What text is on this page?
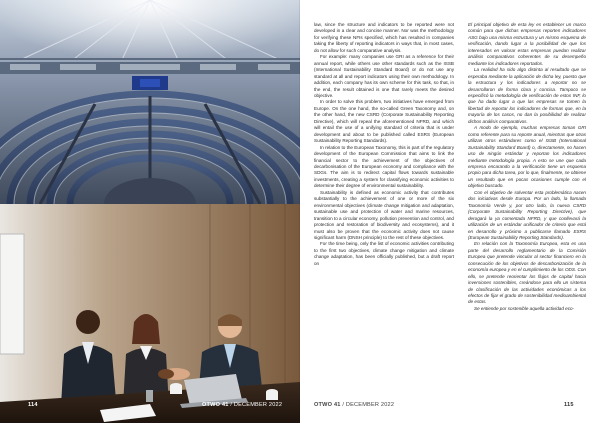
114	OTWO 41 / DECEMBER 2022

law, since the structure and indicators to be reported were not developed in a clear and concise manner. Nor was the methodology for verifying these NFIs specified, which has resulted in companies taking the liberty of reporting indicators in ways that, in most cases, do not allow for such comparative analysis.

For example: many companies use GRI as a reference for their annual report, while others use other standards such as the ISSB (International Sustainability Standard Board) or do not use any standard at all and report indicators using their own methodology. In addition, each company has its own scheme for this task, so that, in the end, the result obtained is one that rarely meets the desired objective.

In order to solve this problem, two initiatives have emerged from Europe. On the one hand, the so-called Green Taxonomy and, on the other hand, the new CSRD (Corporate Sustainability Reporting Directive), which will repeal the aforementioned NFRD, and which will entail the use of a unifying standard of criteria that is under development and about to be published called ESRS (European Sustainability Reporting Standards).

In relation to the European Taxonomy, this is part of the regulatory development of the European Commission that aims to link the financial sector to the achievement of the objectives of decarbonisation of the European economy and compliance with the SDGs. The aim is to redirect capital flows towards sustainable investments, creating a system for classifying economic activities to determine their degree of environmental sustainability.

Sustainability is defined as economic activity that contributes substantially to the achievement of one or more of the six environmental objectives (climate change mitigation and adaptation, sustainable use and protection of water and marine resources, transition to a circular economy, pollution prevention and control, and protection and restoration of biodiversity and ecosystems), and it must also be proven that the economic activity does not cause significant harm (DNSH principle) to the rest of these objectives.

For the time being, only the list of economic activities contributing to the first two objectives, climate change mitigation and climate change adaptation, has been officially published, but a draft report on

El principal objetivo de esta ley es establecer un marco común para que dichas empresas reporten indicadores ASG bajo una misma estructura y un mismo esquema de verificación, dando lugar a la posibilidad de que los interesados en valorar estas empresas puedan realizar análisis comparativos coherentes de su desempeño mediante los indicadores reportados.

La realidad ha sido algo distinta al resultado que se esperaba mediante la aplicación de dicha ley, puesto que la estructura y los indicadores a reportar no se desarrollaron de forma clara y concisa. Tampoco se especificó la metodología de verificación de estos INF, lo que ha dado lugar a que las empresas se tomen la libertad de reportar los indicadores de formas que, en la mayoría de los casos, no dan la posibilidad de realizar dichos análisis comparativos.

A modo de ejemplo, muchas empresas toman GRI como referente para su reporte anual, mientras que otras utilizan otros estándares como el ISSB (International Sustainability Standard Board) o, directamente, no hacen uso de ningún estándar y reportan los indicadores mediante metodología propia. A esto se une que cada empresa encarando a la verificación tiene un esquema propio para dicha tarea, por lo que, finalmente, se obtiene un resultado que en pocas ocasiones cumple con el objetivo buscado.

Con el objetivo de solventar esta problemática nacen dos iniciativas desde Europa. Por un lado, la llamada Taxonomía Verde y, por otro lado, la nueva CSRD (Corporate Sustainability Reporting Directive), que derogará la ya comentada NFRD, y que conllevará la utilización de un estándar unificador de criterio que está en desarrollo y próximo a publicarse llamado ESRS (European Sustainability Reporting Standards).

En relación con la Taxonomía Europea, esta es una parte del desarrollo reglamentario de la Comisión Europea que pretende vincular al sector financiero en la consecución de los objetivos de descarbonización de la economía europea y en el cumplimiento de los ODS. Con ello, se pretende reorientar los flujos de capital hacia inversiones sostenibles, creándose para ello un sistema de clasificación de las actividades económicas a los efectos de fijar el grado de sostenibilidad medioambiental de estas.

Se entiende por sostenible aquella actividad eco-

OTWO 41 / DECEMBER 2022	115
